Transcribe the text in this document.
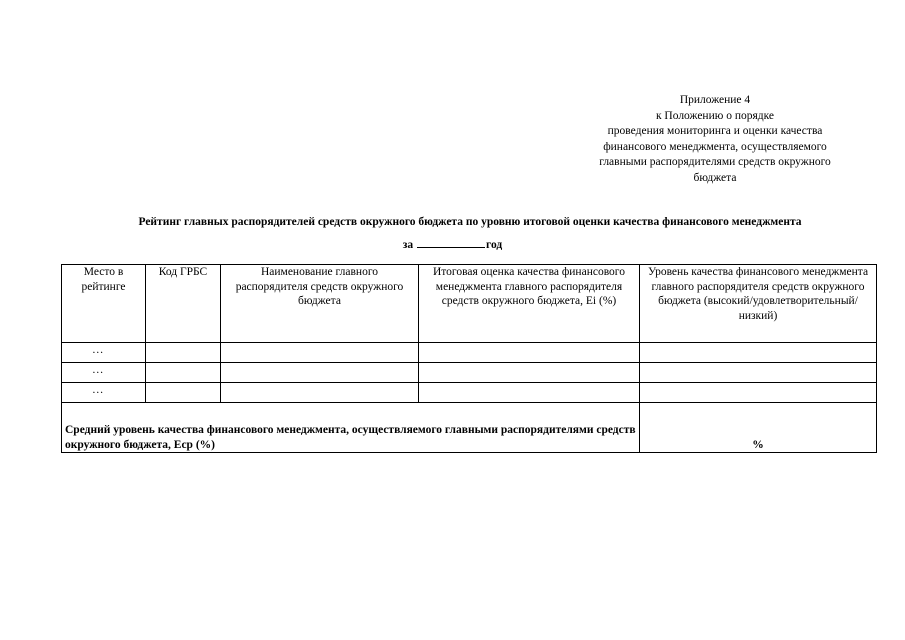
Приложение 4
к Положению о порядке
проведения мониторинга и оценки качества
финансового менеджмента, осуществляемого
главными распорядителями средств окружного
бюджета
Рейтинг главных распорядителей средств окружного бюджета по уровню итоговой оценки качества финансового менеджмента
за	год
Место в рейтинге	Код ГРБС	Наименование главного распорядителя средств окружного бюджета	Итоговая оценка качества финансового менеджмента главного распорядителя средств окружного бюджета, Ei (%)	Уровень качества финансового менеджмента главного распорядителя средств окружного бюджета (высокий/удовлетворительный/низкий)
…				
…				
…				
Средний уровень качества финансового менеджмента, осуществляемого главными распорядителями средств окружного бюджета, Eср (%)				%
